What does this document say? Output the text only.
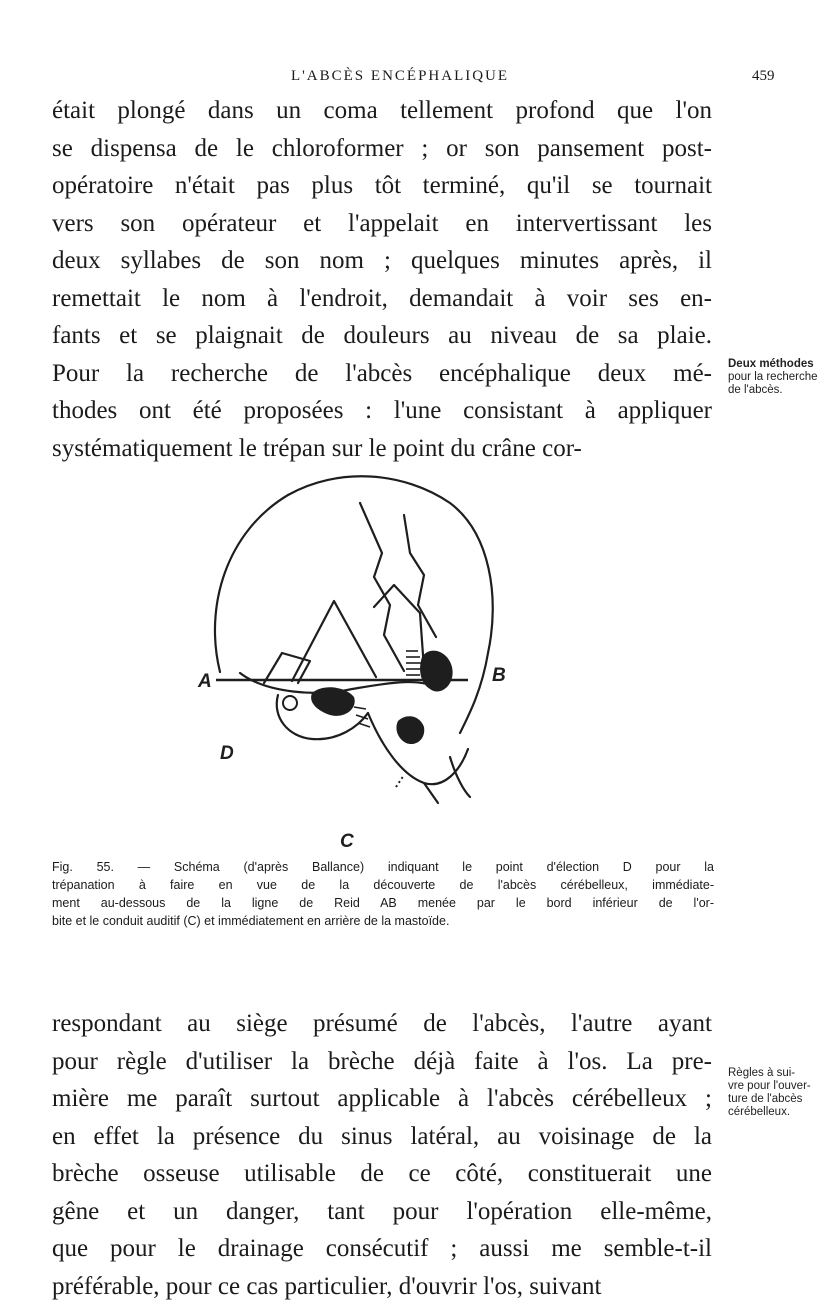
L'ABCÈS ENCÉPHALIQUE	459
était plongé dans un coma tellement profond que l'on
se dispensa de le chloroformer ; or son pansement post-
opératoire n'était pas plus tôt terminé, qu'il se tournait
vers son opérateur et l'appelait en intervertissant les
deux syllabes de son nom ; quelques minutes après, il
remettait le nom à l'endroit, demandait à voir ses en-
fants et se plaignait de douleurs au niveau de sa plaie.
Pour la recherche de l'abcès encéphalique deux mé-
thodes ont été proposées : l'une consistant à appliquer
systématiquement le trépan sur le point du crâne cor-
Deux méthodes
pour la recherche
de l'abcès.
A	B
D
C
Fig. 55. — Schéma (d'après Ballance) indiquant le point d'élection D pour la
trépanation à faire en vue de la découverte de l'abcès cérébelleux, immédiate-
ment au-dessous de la ligne de Reid AB menée par le bord inférieur de l'or-
bite et le conduit auditif (C) et immédiatement en arrière de la mastoïde.
respondant au siège présumé de l'abcès, l'autre ayant
pour règle d'utiliser la brèche déjà faite à l'os. La pre-
mière me paraît surtout applicable à l'abcès cérébelleux ;
en effet la présence du sinus latéral, au voisinage de la
brèche osseuse utilisable de ce côté, constituerait une
gêne et un danger, tant pour l'opération elle-même,
que pour le drainage consécutif ; aussi me semble-t-il
préférable, pour ce cas particulier, d'ouvrir l'os, suivant
Règles à sui-
vre pour l'ouver-
ture de l'abcès
cérébelleux.
